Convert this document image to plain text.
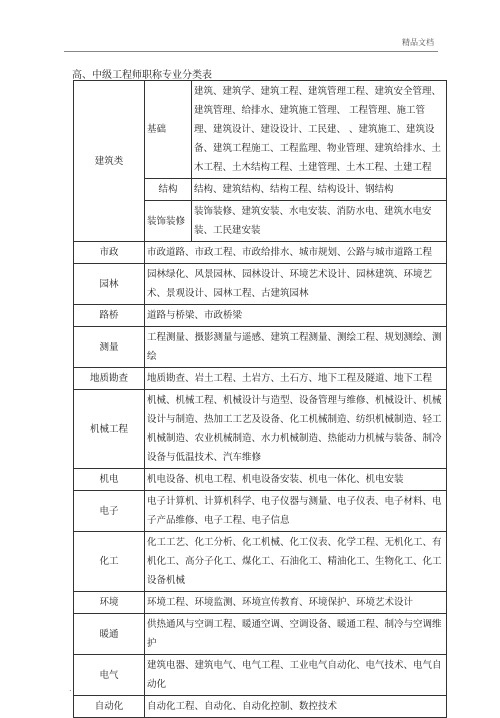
精品文档
高、中级工程师职称专业分类表
建筑类	基础	建筑、建筑学、建筑工程、建筑管理工程、建筑安全管理、建筑管理、给排水、建筑施工管理、 工程管理、施工管理、建筑设计、建设设计、工民建、 、建筑施工、建筑设备、建筑工程施工、工程监理、物业管理、建筑给排水、土木工程、土木结构工程、土建管理、土木工程、土建工程
	结构	结构、建筑结构、结构工程、结构设计、钢结构
	装饰装修	装饰装修、建筑安装、水电安装、消防水电、建筑水电安装、工民建安装
市政	市政道路、市政工程、市政给排水、城市规划、公路与城市道路工程	
园林	园林绿化、风景园林、园林设计、环境艺术设计、园林建筑、环境艺术、景观设计、园林工程、古建筑园林	
路桥	道路与桥梁、市政桥梁	
测量	工程测量、摄影测量与遥感、建筑工程测量、测绘工程、规划测绘、测绘	
地质勘查	地质勘查、岩土工程、土岩方、土石方、地下工程及隧道、地下工程	
机械工程	机械、机械工程、机械设计与造型、设备管理与维修、机械设计、机械设计与制造、热加工工艺及设备、化工机械制造、纺织机械制造、轻工机械制造、农业机械制造、水力机械制造、热能动力机械与装备、制冷设备与低温技术、汽车维修	
机电	机电设备、机电工程、机电设备安装、机电一体化、机电安装	
电子	电子计算机、计算机科学、电子仪器与测量、电子仪表、电子材料、电子产品维修、电子工程、电子信息	
化工	化工工艺、化工分析、化工机械、化工仪表、化学工程、无机化工、有机化工、高分子化工、煤化工、石油化工、精油化工、生物化工、化工设备机械	
环境	环境工程、环境监测、环境宣传教育、环境保护、环境艺术设计	
暖通	供热通风与空调工程、暖通空调、空调设备、暖通工程、制冷与空调维护	
电气	建筑电器、建筑电气、电气工程、工业电气自动化、电气技术、电气自动化	
自动化	自动化工程、自动化、自动化控制、数控技术	
.
